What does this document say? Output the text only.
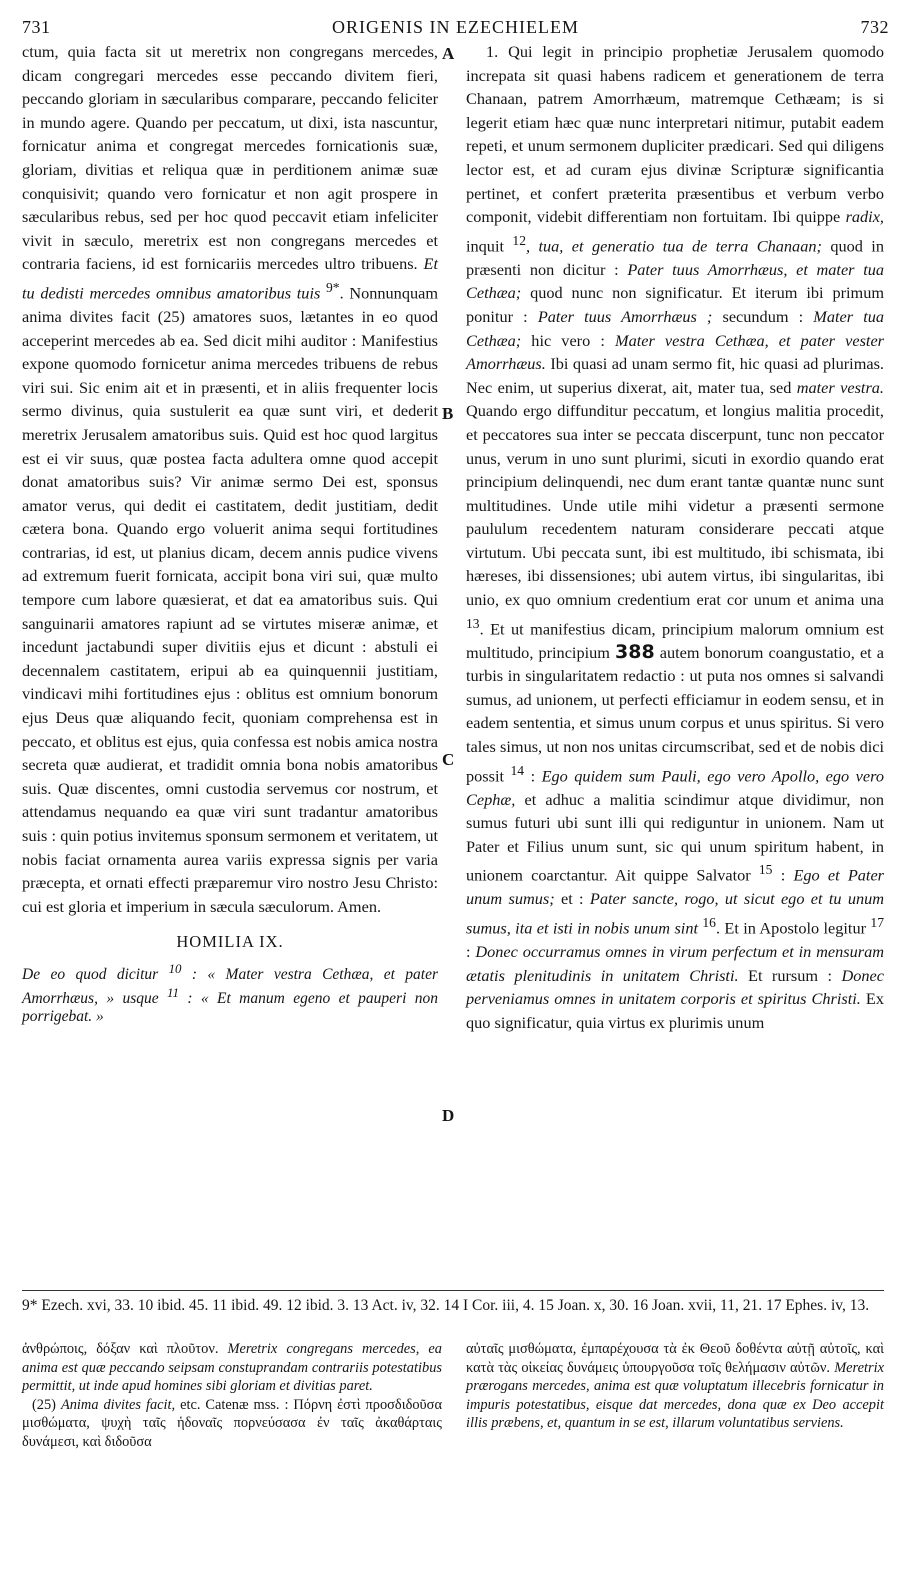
731	ORIGENIS IN EZECHIELEM	732
A
B
C
D

ctum, quia facta sit ut meretrix non congregans mercedes, dicam congregari mercedes esse peccando divitem fieri, peccando gloriam in sæcularibus comparare, peccando feliciter in mundo agere. Quando per peccatum, ut dixi, ista nascuntur, fornicatur anima et congregat mercedes fornicationis suæ, gloriam, divitias et reliqua quæ in perditionem animæ suæ conquisivit; quando vero fornicatur et non agit prospere in sæcularibus rebus, sed per hoc quod peccavit etiam infeliciter vivit in sæculo, meretrix est non congregans mercedes et contraria faciens, id est fornicariis mercedes ultro tribuens. Et tu dedisti mercedes omnibus amatoribus tuis $^{9*}$. Nonnunquam anima divites facit (25) amatores suos, lætantes in eo quod acceperint mercedes ab ea. Sed dicit mihi auditor : Manifestius expone quomodo fornicetur anima mercedes tribuens de rebus viri sui. Sic enim ait et in præsenti, et in aliis frequenter locis sermo divinus, quia sustulerit ea quæ sunt viri, et dederit meretrix Jerusalem amatoribus suis. Quid est hoc quod largitus est ei vir suus, quæ postea facta adultera omne quod accepit donat amatoribus suis? Vir animæ sermo Dei est, sponsus amator verus, qui dedit ei castitatem, dedit justitiam, dedit cætera bona. Quando ergo voluerit anima sequi fortitudines contrarias, id est, ut planius dicam, decem annis pudice vivens ad extremum fuerit fornicata, accipit bona viri sui, quæ multo tempore cum labore quæsierat, et dat ea amatoribus suis. Qui sanguinarii amatores rapiunt ad se virtutes miseræ animæ, et incedunt jactabundi super divitiis ejus et dicunt : abstuli ei decennalem castitatem, eripui ab ea quinquennii justitiam, vindicavi mihi fortitudines ejus : oblitus est omnium bonorum ejus Deus quæ aliquando fecit, quoniam comprehensa est in peccato, et oblitus est ejus, quia confessa est nobis amica nostra secreta quæ audierat, et tradidit omnia bona nobis amatoribus suis. Quæ discentes, omni custodia servemus cor nostrum, et attendamus nequando ea quæ viri sunt tradantur amatoribus suis : quin potius invitemus sponsum sermonem et veritatem, ut nobis faciat ornamenta aurea variis expressa signis per varia præcepta, et ornati effecti præparemur viro nostro Jesu Christo: cui est gloria et imperium in sæcula sæculorum. Amen.

HOMILIA IX.
De eo quod dicitur $^{10}$ : « Mater vestra Cethæa, et pater Amorrhæus, » usque $^{11}$ : « Et manum egeno et pauperi non porrigebat. »

1. Qui legit in principio prophetiæ Jerusalem quomodo increpata sit quasi habens radicem et generationem de terra Chanaan, patrem Amorrhæum, matremque Cethæam; is si legerit etiam hæc quæ nunc interpretari nitimur, putabit eadem repeti, et unum sermonem dupliciter prædicari. Sed qui diligens lector est, et ad curam ejus divinæ Scripturæ significantia pertinet, et confert præterita præsentibus et verbum verbo componit, videbit differentiam non fortuitam. Ibi quippe radix, inquit $^{12}$, tua, et generatio tua de terra Chanaan; quod in præsenti non dicitur : Pater tuus Amorrhæus, et mater tua Cethæa; quod nunc non significatur. Et iterum ibi primum ponitur : Pater tuus Amorrhæus ; secundum : Mater tua Cethæa; hic vero : Mater vestra Cethæa, et pater vester Amorrhæus. Ibi quasi ad unam sermo fit, hic quasi ad plurimas. Nec enim, ut superius dixerat, ait, mater tua, sed mater vestra. Quando ergo diffunditur peccatum, et longius malitia procedit, et peccatores sua inter se peccata discerpunt, tunc non peccator unus, verum in uno sunt plurimi, sicuti in exordio quando erat principium delinquendi, nec dum erant tantæ quantæ nunc sunt multitudines. Unde utile mihi videtur a præsenti sermone paululum recedentem naturam considerare peccati atque virtutum. Ubi peccata sunt, ibi est multitudo, ibi schismata, ibi hæreses, ibi dissensiones; ubi autem virtus, ibi singularitas, ibi unio, ex quo omnium credentium erat cor unum et anima una $^{13}$. Et ut manifestius dicam, principium malorum omnium est multitudo, principium 388 autem bonorum coangustatio, et a turbis in singularitatem redactio : ut puta nos omnes si salvandi sumus, ad unionem, ut perfecti efficiamur in eodem sensu, et in eadem sententia, et simus unum corpus et unus spiritus. Si vero tales simus, ut non nos unitas circumscribat, sed et de nobis dici possit $^{14}$ : Ego quidem sum Pauli, ego vero Apollo, ego vero Cephæ, et adhuc a malitia scindimur atque dividimur, non sumus futuri ubi sunt illi qui rediguntur in unionem. Nam ut Pater et Filius unum sunt, sic qui unum spiritum habent, in unionem coarctantur. Ait quippe Salvator $^{15}$ : Ego et Pater unum sumus; et : Pater sancte, rogo, ut sicut ego et tu unum sumus, ita et isti in nobis unum sint $^{16}$. Et in Apostolo legitur $^{17}$ : Donec occurramus omnes in virum perfectum et in mensuram ætatis plenitudinis in unitatem Christi. Et rursum : Donec perveniamus omnes in unitatem corporis et spiritus Christi. Ex quo significatur, quia virtus ex plurimis unum

9* Ezech. xvi, 33. 10 ibid. 45. 11 ibid. 49. 12 ibid. 3. 13 Act. iv, 32. 14 I Cor. iii, 4. 15 Joan. x, 30. 16 Joan. xvii, 11, 21. 17 Ephes. iv, 13.

ἀνθρώποις, δόξαν καὶ πλοῦτον. Meretrix congregans mercedes, ea anima est quæ peccando seipsam constuprandam contrariis potestatibus permittit, ut inde apud homines sibi gloriam et divitias paret.

(25) Anima divites facit, etc. Catenæ mss. : Πόρνη ἐστὶ προσδιδοῦσα μισθώματα, ψυχὴ ταῖς ἡδοναῖς πορνεύσασα ἐν ταῖς ἀκαθάρταις δυνάμεσι, καὶ διδοῦσα

αὐταῖς μισθώματα, ἐμπαρέχουσα τὰ ἐκ Θεοῦ δοθέντα αὐτῇ αὐτοῖς, καὶ κατὰ τὰς οἰκείας δυνάμεις ὑπουργοῦσα τοῖς θελήμασιν αὐτῶν. Meretrix prærogans mercedes, anima est quæ voluptatum illecebris fornicatur in impuris potestatibus, eisque dat mercedes, dona quæ ex Deo accepit illis præbens, et, quantum in se est, illarum voluntatibus serviens.
